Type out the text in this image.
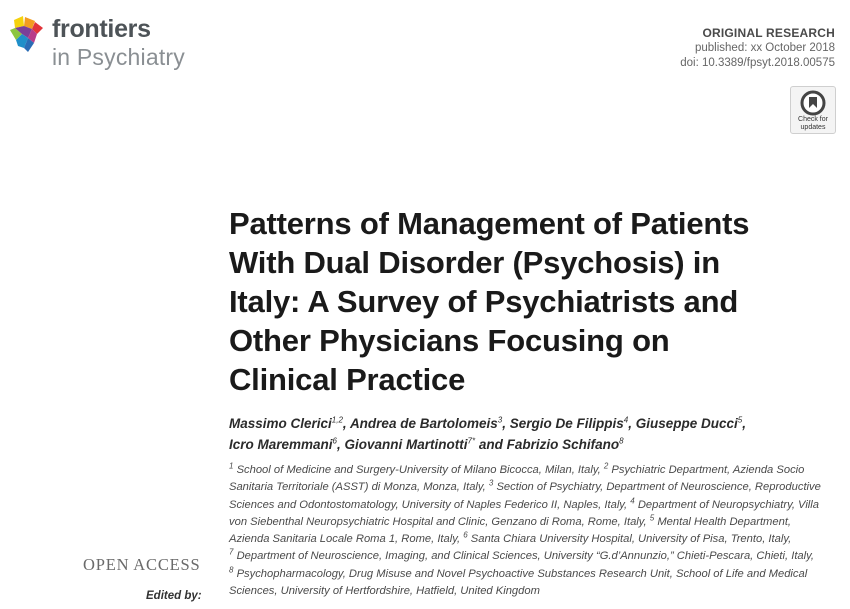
frontiers
in Psychiatry
ORIGINAL RESEARCH
published: xx October 2018
doi: 10.3389/fpsyt.2018.00575
Check for
updates
Patterns of Management of Patients
With Dual Disorder (Psychosis) in
Italy: A Survey of Psychiatrists and
Other Physicians Focusing on
Clinical Practice
Massimo Clerici$^{1,2}$, Andrea de Bartolomeis$^3$, Sergio De Filippis$^4$, Giuseppe Ducci$^5$,
Icro Maremmani$^6$, Giovanni Martinotti$^{7*}$ and Fabrizio Schifano$^8$
$^1$ School of Medicine and Surgery-University of Milano Bicocca, Milan, Italy, $^2$ Psychiatric Department, Azienda Socio Sanitaria Territoriale (ASST) di Monza, Monza, Italy, $^3$ Section of Psychiatry, Department of Neuroscience, Reproductive Sciences and Odontostomatology, University of Naples Federico II, Naples, Italy, $^4$ Department of Neuropsychiatry, Villa von Siebenthal Neuropsychiatric Hospital and Clinic, Genzano di Roma, Rome, Italy, $^5$ Mental Health Department, Azienda Sanitaria Locale Roma 1, Rome, Italy, $^6$ Santa Chiara University Hospital, University of Pisa, Trento, Italy, $^7$ Department of Neuroscience, Imaging, and Clinical Sciences, University “G.d’Annunzio,” Chieti-Pescara, Chieti, Italy, $^8$ Psychopharmacology, Drug Misuse and Novel Psychoactive Substances Research Unit, School of Life and Medical Sciences, University of Hertfordshire, Hatfield, United Kingdom
OPEN ACCESS
Edited by:
